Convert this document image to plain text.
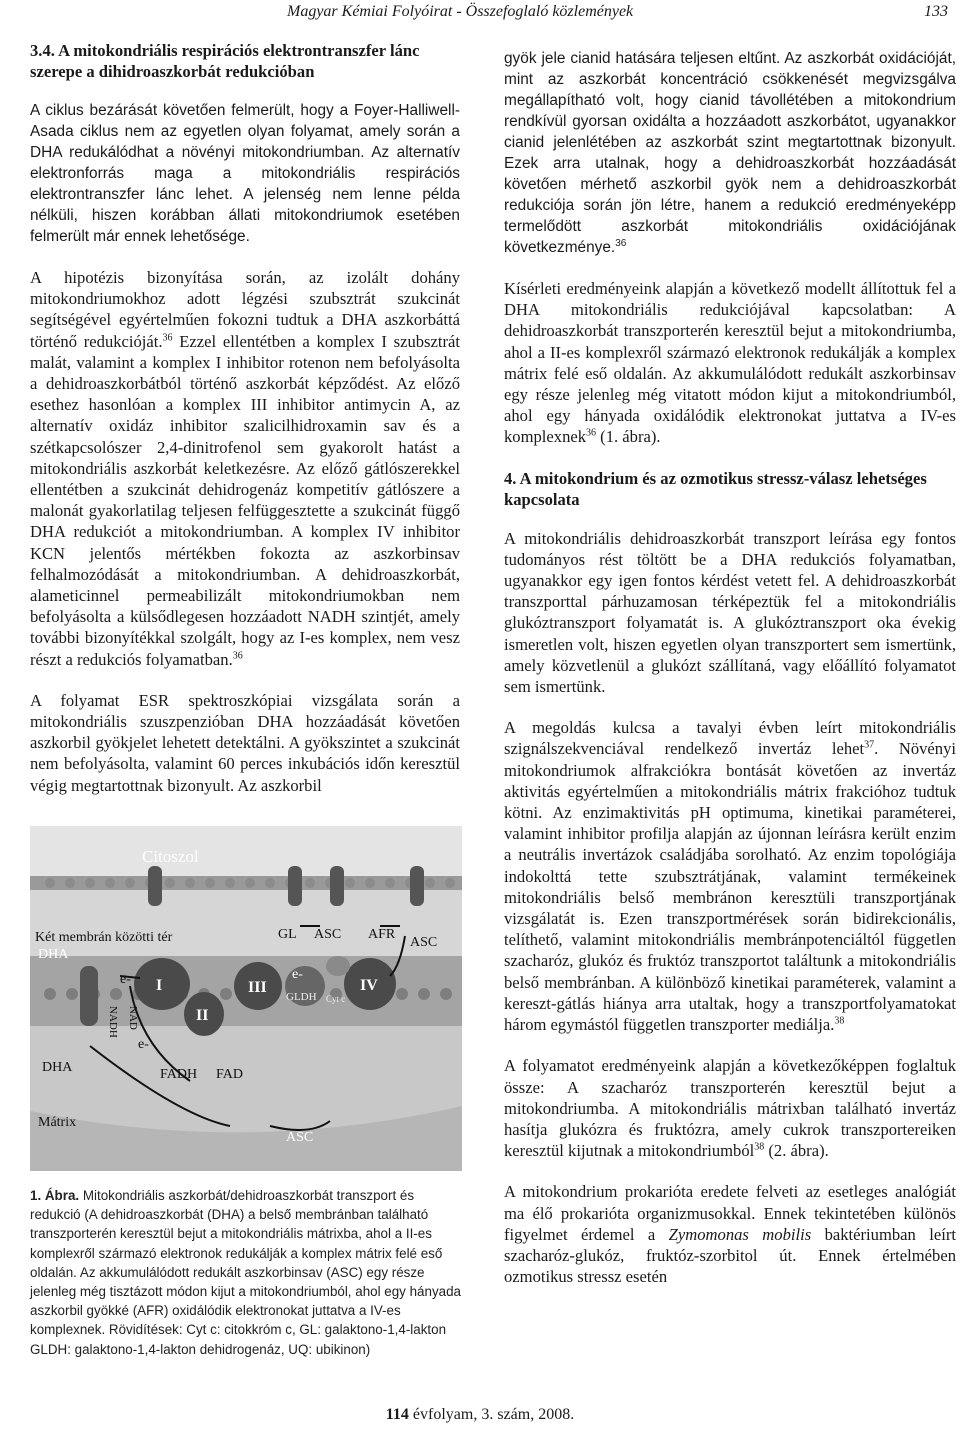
Magyar Kémiai Folyóirat - Összefoglaló közlemények	133
3.4. A mitokondriális respirációs elektrontranszfer lánc szerepe a dihidroaszkorbát redukcióban

A ciklus bezárását követően felmerült, hogy a Foyer-Halliwell-Asada ciklus nem az egyetlen olyan folyamat, amely során a DHA redukálódhat a növényi mitokondriumban. Az alternatív elektronforrás maga a mitokondriális respirációs elektrontranszfer lánc lehet. A jelenség nem lenne példa nélküli, hiszen korábban állati mitokondriumok esetében felmerült már ennek lehetősége.

A hipotézis bizonyítása során, az izolált dohány mitokondriumokhoz adott légzési szubsztrát szukcinát segítségével egyértelműen fokozni tudtuk a DHA aszkorbáttá történő redukcióját.$^{36}$ Ezzel ellentétben a komplex I szubsztrát malát, valamint a komplex I inhibitor rotenon nem befolyásolta a dehidroaszkorbátból történő aszkorbát képződést. Az előző esethez hasonlóan a komplex III inhibitor antimycin A, az alternatív oxidáz inhibitor szalicilhidroxamin sav és a szétkapcsolószer 2,4-dinitrofenol sem gyakorolt hatást a mitokondriális aszkorbát keletkezésre. Az előző gátlószerekkel ellentétben a szukcinát dehidrogenáz kompetitív gátlószere a malonát gyakorlatilag teljesen felfüggesztette a szukcinát függő DHA redukciót a mitokondriumban. A komplex IV inhibitor KCN jelentős mértékben fokozta az aszkorbinsav felhalmozódását a mitokondriumban. A dehidroaszkorbát, alameticinnel permeabilizált mitokondriumokban nem befolyásolta a külsődlegesen hozzáadott NADH szintjét, amely további bizonyítékkal szolgált, hogy az I-es komplex, nem vesz részt a redukciós folyamatban.$^{36}$

A folyamat ESR spektroszkópiai vizsgálata során a mitokondriális szuszpenzióban DHA hozzáadását követően aszkorbil gyökjelet lehetett detektálni. A gyökszintet a szukcinát nem befolyásolta, valamint 60 perces inkubációs időn keresztül végig megtartottnak bizonyult. Az aszkorbil

Citoszol
Két membrán közötti tér
DHA
DHA
Mátrix
ASC
GL ASC AFR
ASC
e-
e-
e-
FADH FAD
I
II
III	IV
GLDH Cyt c
NADH NAD
1. Ábra. Mitokondriális aszkorbát/dehidroaszkorbát transzport és redukció (A dehidroaszkorbát (DHA) a belső membránban található transzporterén keresztül bejut a mitokondriális mátrixba, ahol a II-es komplexről származó elektronok redukálják a komplex mátrix felé eső oldalán. Az akkumulálódott redukált aszkorbinsav (ASC) egy része jelenleg még tisztázott módon kijut a mitokondriumból, ahol egy hányada aszkorbil gyökké (AFR) oxidálódik elektronokat juttatva a IV-es komplexnek. Rövidítések: Cyt c: citokkróm c, GL: galaktono-1,4-lakton GLDH: galaktono-1,4-lakton dehidrogenáz, UQ: ubikinon)

gyök jele cianid hatására teljesen eltűnt. Az aszkorbát oxidációját, mint az aszkorbát koncentráció csökkenését megvizsgálva megállapítható volt, hogy cianid távollétében a mitokondrium rendkívül gyorsan oxidálta a hozzáadott aszkorbátot, ugyanakkor cianid jelenlétében az aszkorbát szint megtartottnak bizonyult. Ezek arra utalnak, hogy a dehidroaszkorbát hozzáadását követően mérhető aszkorbil gyök nem a dehidroaszkorbát redukciója során jön létre, hanem a redukció eredményeképp termelődött aszkorbát mitokondriális oxidációjának következménye.$^{36}$

Kísérleti eredményeink alapján a következő modellt állítottuk fel a DHA mitokondriális redukciójával kapcsolatban: A dehidroaszkorbát transzporterén keresztül bejut a mitokondriumba, ahol a II-es komplexről származó elektronok redukálják a komplex mátrix felé eső oldalán. Az akkumulálódott redukált aszkorbinsav egy része jelenleg még vitatott módon kijut a mitokondriumból, ahol egy hányada oxidálódik elektronokat juttatva a IV-es komplexnek$^{36}$ (1. ábra).

4. A mitokondrium és az ozmotikus stressz-válasz lehetséges kapcsolata

A mitokondriális dehidroaszkorbát transzport leírása egy fontos tudományos rést töltött be a DHA redukciós folyamatban, ugyanakkor egy igen fontos kérdést vetett fel. A dehidroaszkorbát transzporttal párhuzamosan térképeztük fel a mitokondriális glukóztranszport folyamatát is. A glukóztranszport oka évekig ismeretlen volt, hiszen egyetlen olyan transzportert sem ismertünk, amely közvetlenül a glukózt szállítaná, vagy előállító folyamatot sem ismertünk.

A megoldás kulcsa a tavalyi évben leírt mitokondriális szignálszekvenciával rendelkező invertáz lehet$^{37}$. Növényi mitokondriumok alfrakciókra bontását követően az invertáz aktivitás egyértelműen a mitokondriális mátrix frakcióhoz tudtuk kötni. Az enzimaktivitás pH optimuma, kinetikai paraméterei, valamint inhibitor profilja alapján az újonnan leírásra került enzim a neutrális invertázok családjába sorolható. Az enzim topológiája indokolttá tette szubsztrátjának, valamint termékeinek mitokondriális belső membránon keresztüli transzportjának vizsgálatát is. Ezen transzportmérések során bidirekcionális, telíthető, valamint mitokondriális membránpotenciáltól független szacharóz, glukóz és fruktóz transzportot találtunk a mitokondriális belső membránban. A különböző kinetikai paraméterek, valamint a kereszt-gátlás hiánya arra utaltak, hogy a transzportfolyamatokat három egymástól független transzporter mediálja.$^{38}$

A folyamatot eredményeink alapján a következőképpen foglaltuk össze: A szacharóz transzporterén keresztül bejut a mitokondriumba. A mitokondriális mátrixban található invertáz hasítja glukózra és fruktózra, amely cukrok transzportereiken keresztül kijutnak a mitokondriumból$^{38}$ (2. ábra).

A mitokondrium prokarióta eredete felveti az esetleges analógiát ma élő prokarióta organizmusokkal. Ennek tekintetében különös figyelmet érdemel a Zymomonas mobilis baktériumban leírt szacharóz-glukóz, fruktóz-szorbitol út. Ennek értelmében ozmotikus stressz esetén

114 évfolyam, 3. szám, 2008.
